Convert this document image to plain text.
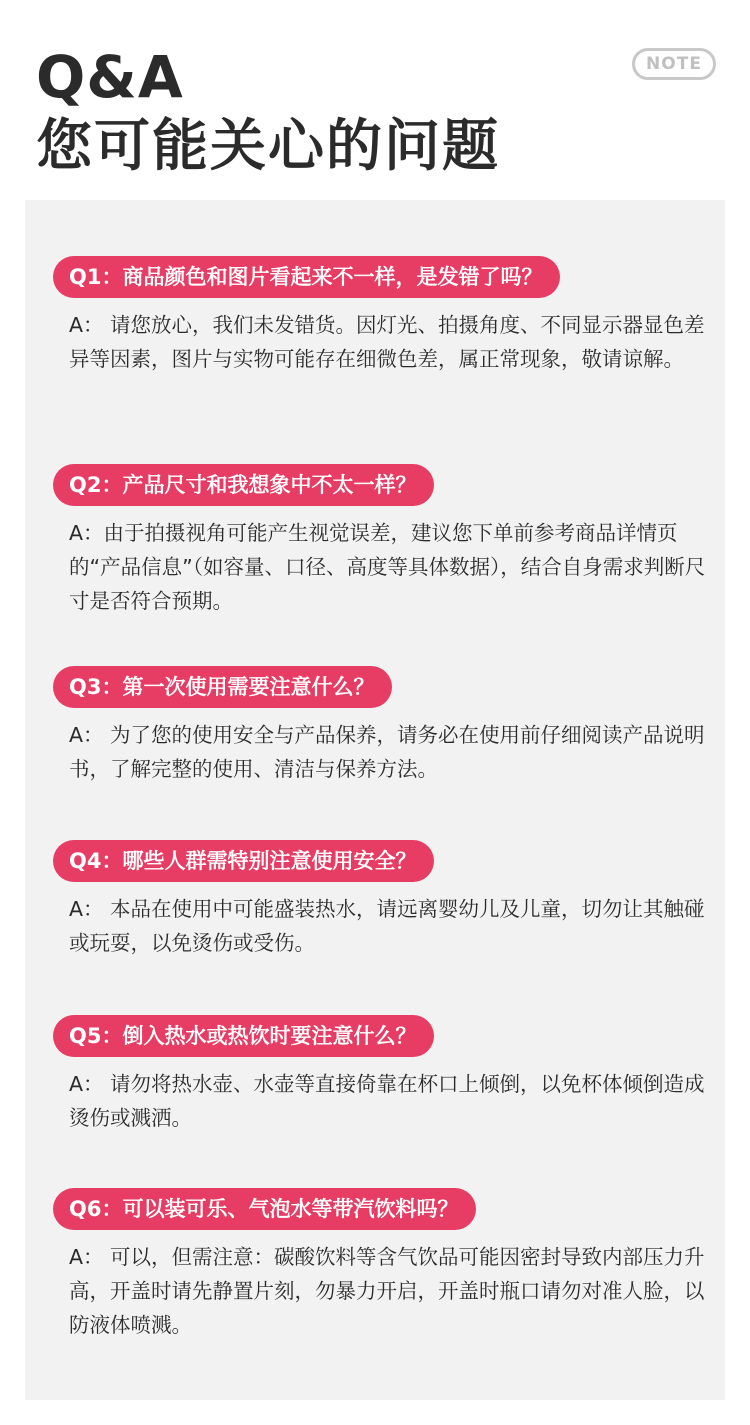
Q&A
您可能关心的问题
NOTE
Q1：商品颜色和图片看起来不一样，是发错了吗？
A： 请您放心，我们未发错货。因灯光、拍摄角度、不同显示器显色差异等因素，图片与实物可能存在细微色差，属正常现象，敬请谅解。
Q2：产品尺寸和我想象中不太一样？
A：由于拍摄视角可能产生视觉误差，建议您下单前参考商品详情页的“产品信息”（如容量、口径、高度等具体数据），结合自身需求判断尺寸是否符合预期。
Q3：第一次使用需要注意什么？
A： 为了您的使用安全与产品保养，请务必在使用前仔细阅读产品说明书，了解完整的使用、清洁与保养方法。
Q4：哪些人群需特别注意使用安全？
A： 本品在使用中可能盛装热水，请远离婴幼儿及儿童，切勿让其触碰或玩耍，以免烫伤或受伤。
Q5：倒入热水或热饮时要注意什么？
A： 请勿将热水壶、水壶等直接倚靠在杯口上倾倒，以免杯体倾倒造成烫伤或溅洒。
Q6：可以装可乐、气泡水等带汽饮料吗？
A： 可以，但需注意：碳酸饮料等含气饮品可能因密封导致内部压力升高，开盖时请先静置片刻，勿暴力开启，开盖时瓶口请勿对准人脸，以防液体喷溅。
